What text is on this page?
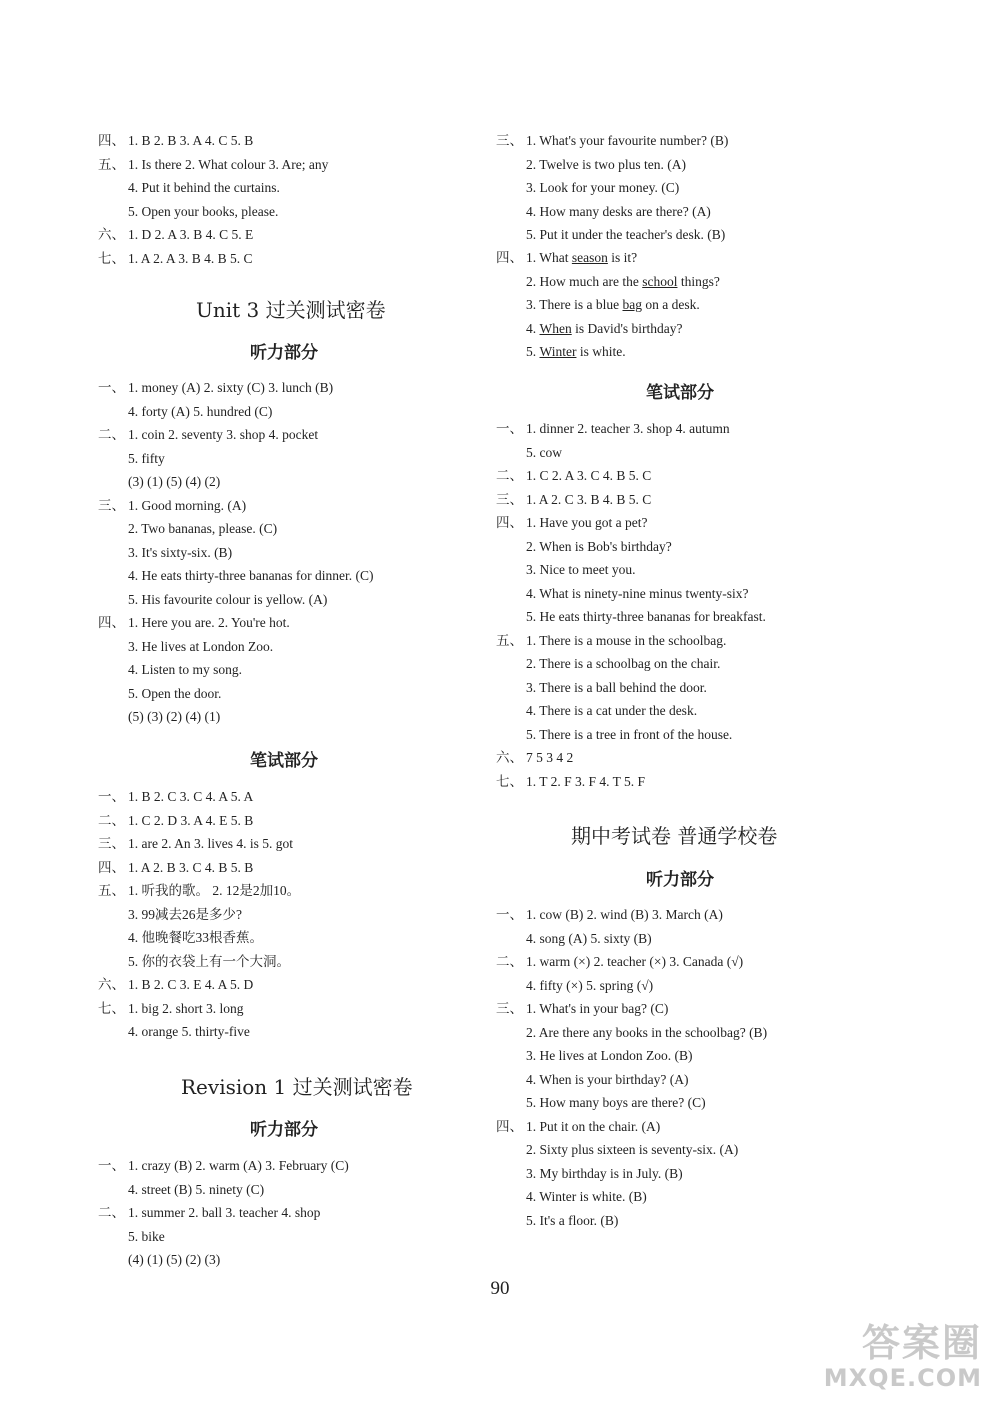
四、 1. B 2. B 3. A 4. C 5. B
五、 1. Is there 2. What colour 3. Are; any
4. Put it behind the curtains.
5. Open your books, please.
六、 1. D 2. A 3. B 4. C 5. E
七、 1. A 2. A 3. B 4. B 5. C
Unit 3 过关测试密卷
听力部分
一、 1. money (A) 2. sixty (C) 3. lunch (B)
4. forty (A) 5. hundred (C)
二、 1. coin 2. seventy 3. shop 4. pocket
5. fifty
(3) (1) (5) (4) (2)
三、 1. Good morning. (A)
2. Two bananas, please. (C)
3. It's sixty-six. (B)
4. He eats thirty-three bananas for dinner. (C)
5. His favourite colour is yellow. (A)
四、 1. Here you are. 2. You're hot.
3. He lives at London Zoo.
4. Listen to my song.
5. Open the door.
(5) (3) (2) (4) (1)
笔试部分
一、 1. B 2. C 3. C 4. A 5. A
二、 1. C 2. D 3. A 4. E 5. B
三、 1. are 2. An 3. lives 4. is 5. got
四、 1. A 2. B 3. C 4. B 5. B
五、 1. 听我的歌。 2. 12是2加10。
3. 99减去26是多少?
4. 他晚餐吃33根香蕉。
5. 你的衣袋上有一个大洞。
六、 1. B 2. C 3. E 4. A 5. D
七、 1. big 2. short 3. long
4. orange 5. thirty-five
Revision 1 过关测试密卷
听力部分
一、 1. crazy (B) 2. warm (A) 3. February (C)
4. street (B) 5. ninety (C)
二、 1. summer 2. ball 3. teacher 4. shop
5. bike
(4) (1) (5) (2) (3)
三、 1. What's your favourite number? (B)
2. Twelve is two plus ten. (A)
3. Look for your money. (C)
4. How many desks are there? (A)
5. Put it under the teacher's desk. (B)
四、 1. What season is it?
2. How much are the school things?
3. There is a blue bag on a desk.
4. When is David's birthday?
5. Winter is white.
笔试部分
一、 1. dinner 2. teacher 3. shop 4. autumn
5. cow
二、 1. C 2. A 3. C 4. B 5. C
三、 1. A 2. C 3. B 4. B 5. C
四、 1. Have you got a pet?
2. When is Bob's birthday?
3. Nice to meet you.
4. What is ninety-nine minus twenty-six?
5. He eats thirty-three bananas for breakfast.
五、 1. There is a mouse in the schoolbag.
2. There is a schoolbag on the chair.
3. There is a ball behind the door.
4. There is a cat under the desk.
5. There is a tree in front of the house.
六、 7 5 3 4 2
七、 1. T 2. F 3. F 4. T 5. F
期中考试卷 普通学校卷
听力部分
一、 1. cow (B) 2. wind (B) 3. March (A)
4. song (A) 5. sixty (B)
二、 1. warm (×) 2. teacher (×) 3. Canada (√)
4. fifty (×) 5. spring (√)
三、 1. What's in your bag? (C)
2. Are there any books in the schoolbag? (B)
3. He lives at London Zoo. (B)
4. When is your birthday? (A)
5. How many boys are there? (C)
四、 1. Put it on the chair. (A)
2. Sixty plus sixteen is seventy-six. (A)
3. My birthday is in July. (B)
4. Winter is white. (B)
5. It's a floor. (B)
90
答案圈
MXQE.COM
